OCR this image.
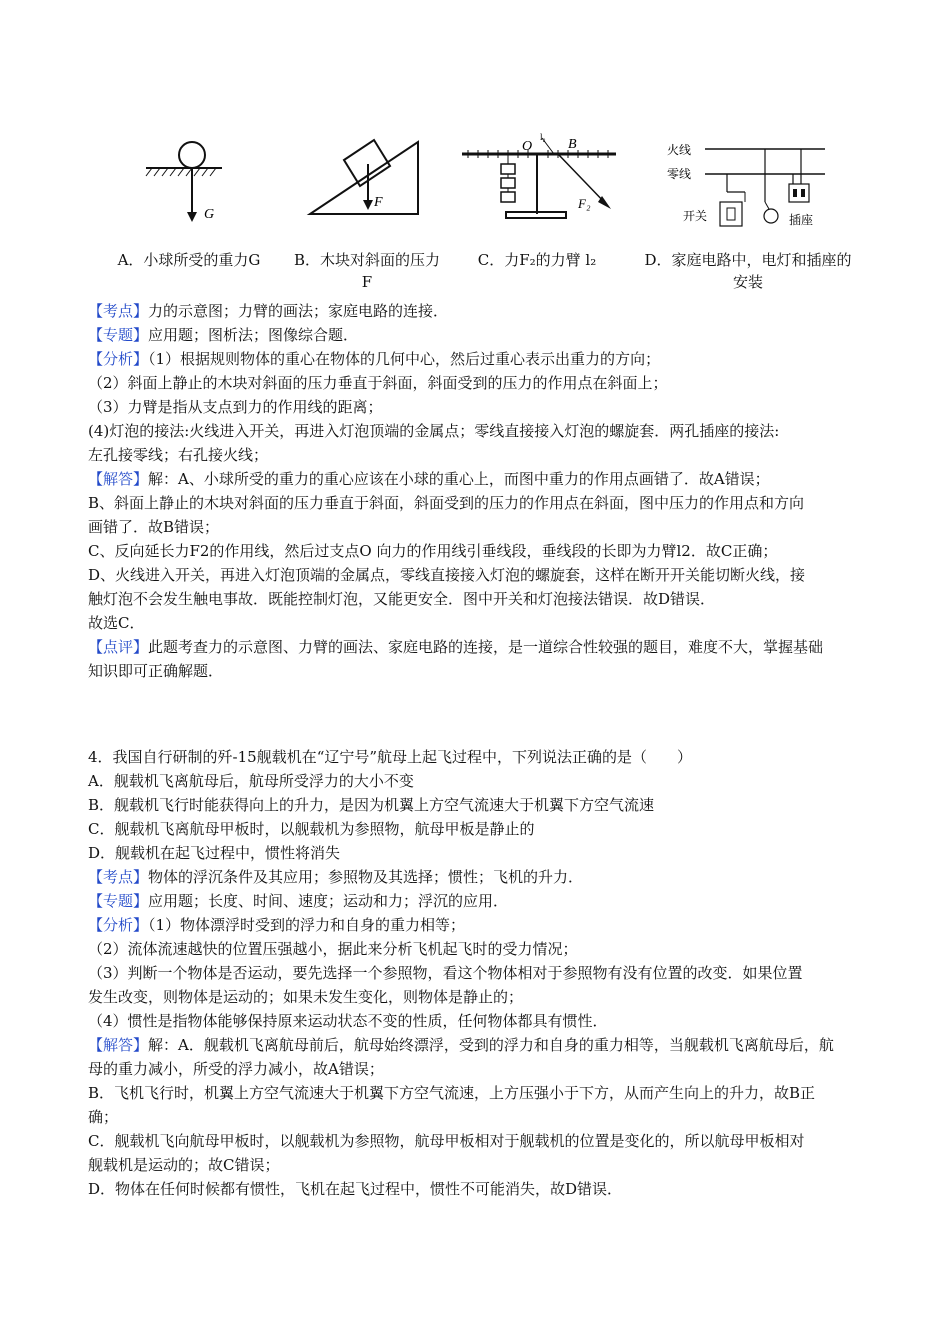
G
F
O	B
l₂
F₂
火线
零线
开关	插座
A．小球所受的重力G	B．木块对斜面的压力
F
C．力F₂的力臂 l₂	D．家庭电路中，电灯和插座的
安装
【考点】力的示意图；力臂的画法；家庭电路的连接．
【专题】应用题；图析法；图像综合题．
【分析】（1）根据规则物体的重心在物体的几何中心，然后过重心表示出重力的方向；
（2）斜面上静止的木块对斜面的压力垂直于斜面，斜面受到的压力的作用点在斜面上；
（3）力臂是指从支点到力的作用线的距离；
(4)灯泡的接法:火线进入开关，再进入灯泡顶端的金属点；零线直接接入灯泡的螺旋套．两孔插座的接法:
左孔接零线；右孔接火线；
【解答】解：A、小球所受的重力的重心应该在小球的重心上，而图中重力的作用点画错了．故A错误；
B、斜面上静止的木块对斜面的压力垂直于斜面，斜面受到的压力的作用点在斜面，图中压力的作用点和方向
画错了．故B错误；
C、反向延长力F2的作用线，然后过支点O 向力的作用线引垂线段，垂线段的长即为力臂l2．故C正确；
D、火线进入开关，再进入灯泡顶端的金属点，零线直接接入灯泡的螺旋套，这样在断开开关能切断火线，接
触灯泡不会发生触电事故．既能控制灯泡，又能更安全．图中开关和灯泡接法错误．故D错误．
故选C．
【点评】此题考查力的示意图、力臂的画法、家庭电路的连接，是一道综合性较强的题目，难度不大，掌握基础
知识即可正确解题．
4．我国自行研制的歼-15舰载机在“辽宁号”航母上起飞过程中，下列说法正确的是（　　）
A．舰载机飞离航母后，航母所受浮力的大小不变
B．舰载机飞行时能获得向上的升力，是因为机翼上方空气流速大于机翼下方空气流速
C．舰载机飞离航母甲板时，以舰载机为参照物，航母甲板是静止的
D．舰载机在起飞过程中，惯性将消失
【考点】物体的浮沉条件及其应用；参照物及其选择；惯性；飞机的升力．
【专题】应用题；长度、时间、速度；运动和力；浮沉的应用．
【分析】（1）物体漂浮时受到的浮力和自身的重力相等；
（2）流体流速越快的位置压强越小，据此来分析飞机起飞时的受力情况；
（3）判断一个物体是否运动，要先选择一个参照物，看这个物体相对于参照物有没有位置的改变．如果位置
发生改变，则物体是运动的；如果未发生变化，则物体是静止的；
（4）惯性是指物体能够保持原来运动状态不变的性质，任何物体都具有惯性．
【解答】解：A．舰载机飞离航母前后，航母始终漂浮，受到的浮力和自身的重力相等，当舰载机飞离航母后，航
母的重力减小，所受的浮力减小，故A错误；
B．飞机飞行时，机翼上方空气流速大于机翼下方空气流速，上方压强小于下方，从而产生向上的升力，故B正
确；
C．舰载机飞向航母甲板时，以舰载机为参照物，航母甲板相对于舰载机的位置是变化的，所以航母甲板相对
舰载机是运动的；故C错误；
D．物体在任何时候都有惯性，飞机在起飞过程中，惯性不可能消失，故D错误．
